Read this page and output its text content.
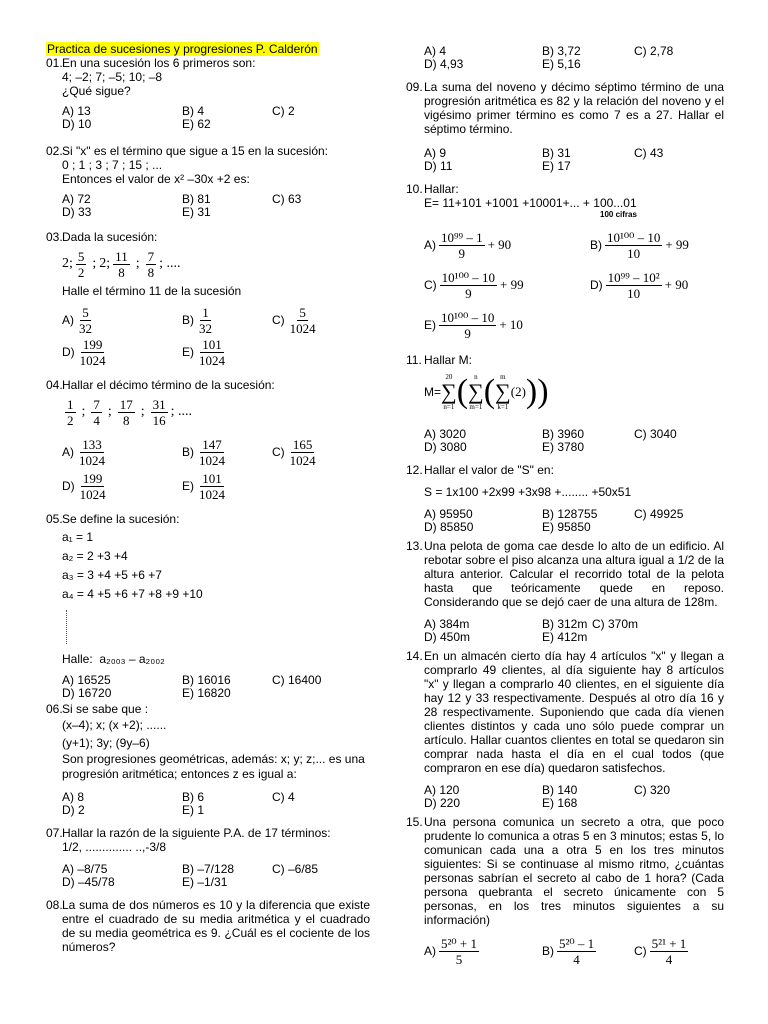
Practica de sucesiones y progresiones P. Calderón
01. En una sucesión los 6 primeros son:
4; –2; 7; –5; 10; –8
¿Qué sigue?
A) 13	B) 4	C) 2
D) 10	E) 62
02. Si "x" es el término que sigue a 15 en la sucesión:
0 ; 1 ; 3 ; 7 ; 15 ; ...
Entonces el valor de x² –30x +2 es:
A) 72	B) 81	C) 63
D) 33	E) 31
03. Dada la sucesión:
2; $\frac{5}{2}$ ; 2; $\frac{11}{8}$ ; $\frac{7}{8}$ ; ....
Halle el término 11 de la sucesión
$A) \frac{5}{32}$	$B) \frac{1}{32}$	$C) \frac{5}{1024}$
$D) \frac{199}{1024}$	$E) \frac{101}{1024}$
04. Hallar el décimo término de la sucesión:
$\frac{1}{2}$ ; $\frac{7}{4}$ ; $\frac{17}{8}$ ; $\frac{31}{16}$ ; ....
$A) \frac{133}{1024}$	$B) \frac{147}{1024}$	$C) \frac{165}{1024}$
$D) \frac{199}{1024}$	$E) \frac{101}{1024}$
05. Se define la sucesión:
a₁ = 1
a₂ = 2 +3 +4
a₃ = 3 +4 +5 +6 +7
a₄ = 4 +5 +6 +7 +8 +9 +10
Halle: a₂₀₀₃ – a₂₀₀₂
A) 16525	B) 16016	C) 16400
D) 16720	E) 16820
06. Si se sabe que :
(x–4); x; (x +2); ......
(y+1); 3y; (9y–6)
Son progresiones geométricas, además: x; y; z;... es una progresión aritmética; entonces z es igual a:
A) 8	B) 6	C) 4
D) 2	E) 1
07. Hallar la razón de la siguiente P.A. de 17 términos:
1/2, .............. ..,-3/8
A) –8/75	B) –7/128	C) –6/85
D) –45/78	E) –1/31
08. La suma de dos números es 10 y la diferencia que existe entre el cuadrado de su media aritmética y el cuadrado de su media geométrica es 9. ¿Cuál es el cociente de los números?
A) 4	B) 3,72	C) 2,78
D) 4,93	E) 5,16
09. La suma del noveno y décimo séptimo término de una progresión aritmética es 82 y la relación del noveno y el vigésimo primer término es como 7 es a 27. Hallar el séptimo término.
A) 9	B) 31	C) 43
D) 11	E) 17
10. Hallar:
E= 11+101 +1001 +10001+... + 100...01
100 cifras
$A) \frac{\text{10⁹⁹ – 1}}{9} + 90$	$B) \frac{\text{10¹⁰⁰ – 10}}{10} + 99$
$C) \frac{\text{10¹⁰⁰ – 10}}{9} + 99$	$D) \frac{\text{10⁹⁹ – 10²}}{10} + 90$
$E) \frac{\text{10¹⁰⁰ – 10}}{9} + 10$
11. Hallar M:
M=
20
∑
n=1 ( n
∑
m=1 ( m
∑
k=1
(2) ) )
A) 3020	B) 3960	C) 3040
D) 3080	E) 3780
12. Hallar el valor de "S" en:
S = 1x100 +2x99 +3x98 +........ +50x51
A) 95950	B) 128755	C) 49925
D) 85850	E) 95850
13. Una pelota de goma cae desde lo alto de un edificio. Al rebotar sobre el piso alcanza una altura igual a 1/2 de la altura anterior. Calcular el recorrido total de la pelota hasta que teóricamente quede en reposo. Considerando que se dejó caer de una altura de 128m.
A) 384m	B) 312m C) 370m
D) 450m	E) 412m
14. En un almacén cierto día hay 4 artículos "x" y llegan a comprarlo 49 clientes, al día siguiente hay 8 artículos "x" y llegan a comprarlo 40 clientes, en el siguiente día hay 12 y 33 respectivamente. Después al otro día 16 y 28 respectivamente. Suponiendo que cada día vienen clientes distintos y cada uno sólo puede comprar un artículo. Hallar cuantos clientes en total se quedaron sin comprar nada hasta el día en el cual todos (que compraron en ese día) quedaron satisfechos.
A) 120	B) 140	C) 320
D) 220	E) 168
15. Una persona comunica un secreto a otra, que poco prudente lo comunica a otras 5 en 3 minutos; estas 5, lo comunican cada una a otra 5 en los tres minutos siguientes: Si se continuase al mismo ritmo, ¿cuántas personas sabrían el secreto al cabo de 1 hora? (Cada persona quebranta el secreto únicamente con 5 personas, en los tres minutos siguientes a su información)
$A) \frac{\text{5²⁰ + 1}}{5}$	$B) \frac{\text{5²⁰ – 1}}{4}$	$C) \frac{\text{5²¹ + 1}}{4}$
